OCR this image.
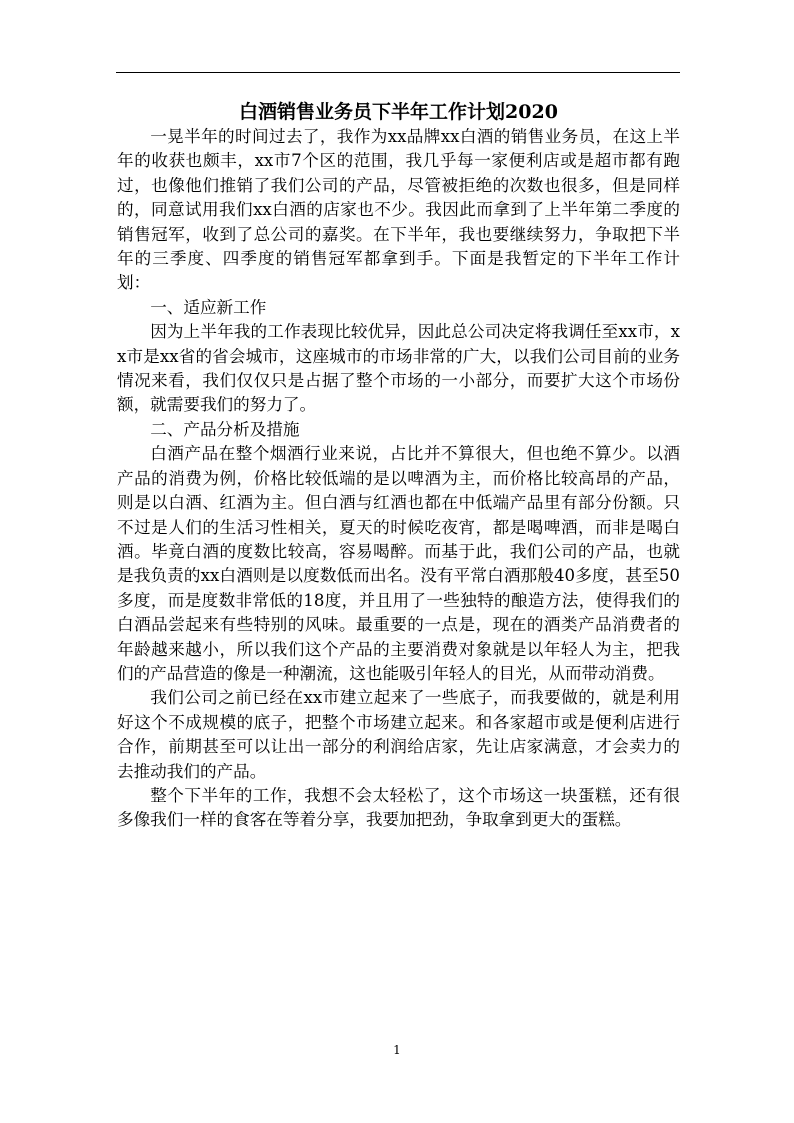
白酒销售业务员下半年工作计划2020

一晃半年的时间过去了，我作为xx品牌xx白酒的销售业务员，在这上半年的收获也颇丰，xx市7个区的范围，我几乎每一家便利店或是超市都有跑过，也像他们推销了我们公司的产品，尽管被拒绝的次数也很多，但是同样的，同意试用我们xx白酒的店家也不少。我因此而拿到了上半年第二季度的销售冠军，收到了总公司的嘉奖。在下半年，我也要继续努力，争取把下半年的三季度、四季度的销售冠军都拿到手。下面是我暂定的下半年工作计划：

一、适应新工作

因为上半年我的工作表现比较优异，因此总公司决定将我调任至xx市，xx市是xx省的省会城市，这座城市的市场非常的广大，以我们公司目前的业务情况来看，我们仅仅只是占据了整个市场的一小部分，而要扩大这个市场份额，就需要我们的努力了。

二、产品分析及措施

白酒产品在整个烟酒行业来说，占比并不算很大，但也绝不算少。以酒产品的消费为例，价格比较低端的是以啤酒为主，而价格比较高昂的产品，则是以白酒、红酒为主。但白酒与红酒也都在中低端产品里有部分份额。只不过是人们的生活习性相关，夏天的时候吃夜宵，都是喝啤酒，而非是喝白酒。毕竟白酒的度数比较高，容易喝醉。而基于此，我们公司的产品，也就是我负责的xx白酒则是以度数低而出名。没有平常白酒那般40多度，甚至50多度，而是度数非常低的18度，并且用了一些独特的酿造方法，使得我们的白酒品尝起来有些特别的风味。最重要的一点是，现在的酒类产品消费者的年龄越来越小，所以我们这个产品的主要消费对象就是以年轻人为主，把我们的产品营造的像是一种潮流，这也能吸引年轻人的目光，从而带动消费。

我们公司之前已经在xx市建立起来了一些底子，而我要做的，就是利用好这个不成规模的底子，把整个市场建立起来。和各家超市或是便利店进行合作，前期甚至可以让出一部分的利润给店家，先让店家满意，才会卖力的去推动我们的产品。

整个下半年的工作，我想不会太轻松了，这个市场这一块蛋糕，还有很多像我们一样的食客在等着分享，我要加把劲，争取拿到更大的蛋糕。

1
